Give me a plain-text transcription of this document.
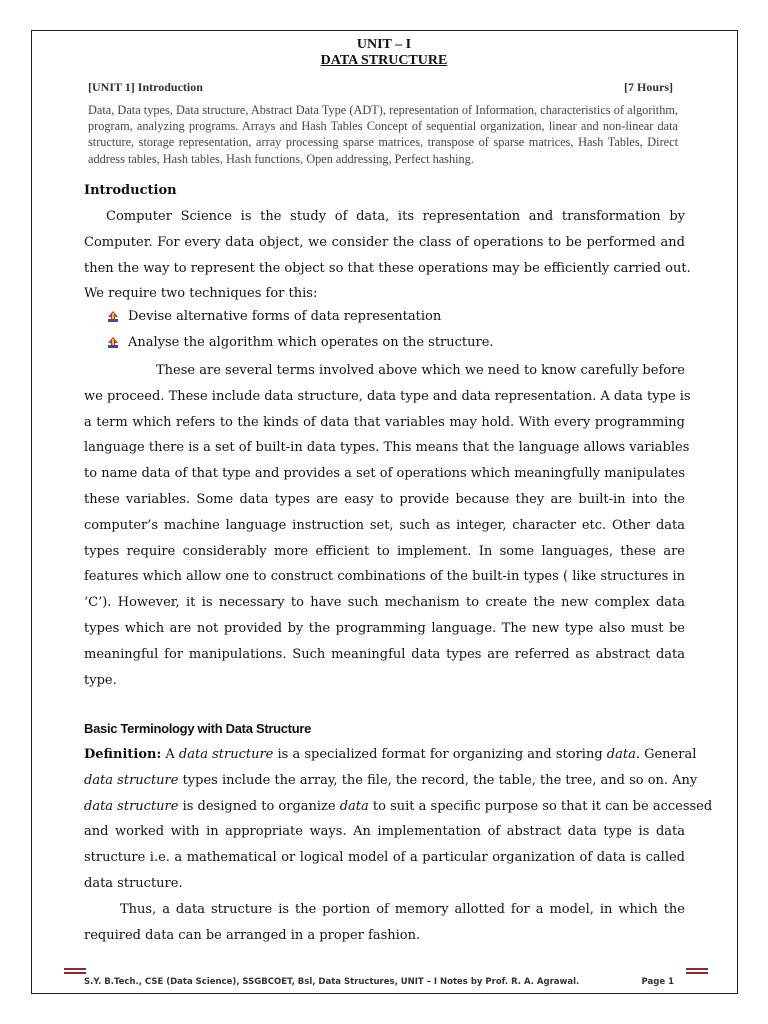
UNIT – I
DATA STRUCTURE
[UNIT 1] Introduction	[7 Hours]
Data, Data types, Data structure, Abstract Data Type (ADT), representation of Information, characteristics of algorithm, program, analyzing programs. Arrays and Hash Tables Concept of sequential organization, linear and non-linear data structure, storage representation, array processing sparse matrices, transpose of sparse matrices, Hash Tables, Direct address tables, Hash tables, Hash functions, Open addressing, Perfect hashing.
Introduction
Computer Science is the study of data, its representation and transformation by
Computer. For every data object, we consider the class of operations to be performed and
then the way to represent the object so that these operations may be efficiently carried out.
We require two techniques for this:
Devise alternative forms of data representation
Analyse the algorithm which operates on the structure.
These are several terms involved above which we need to know carefully before
we proceed. These include data structure, data type and data representation. A data type is
a term which refers to the kinds of data that variables may hold. With every programming
language there is a set of built-in data types. This means that the language allows variables
to name data of that type and provides a set of operations which meaningfully manipulates
these variables. Some data types are easy to provide because they are built-in into the
computer’s machine language instruction set, such as integer, character etc. Other data
types require considerably more efficient to implement. In some languages, these are
features which allow one to construct combinations of the built-in types ( like structures in
‘C’). However, it is necessary to have such mechanism to create the new complex data
types which are not provided by the programming language. The new type also must be
meaningful for manipulations. Such meaningful data types are referred as abstract data
type.
Basic Terminology with Data Structure
Definition: A data structure is a specialized format for organizing and storing data. General
data structure types include the array, the file, the record, the table, the tree, and so on. Any
data structure is designed to organize data to suit a specific purpose so that it can be accessed
and worked with in appropriate ways. An implementation of abstract data type is data
structure i.e. a mathematical or logical model of a particular organization of data is called
data structure.
Thus, a data structure is the portion of memory allotted for a model, in which the
required data can be arranged in a proper fashion.
S.Y. B.Tech., CSE (Data Science), SSGBCOET, Bsl, Data Structures, UNIT – I Notes by Prof. R. A. Agrawal.	Page 1
